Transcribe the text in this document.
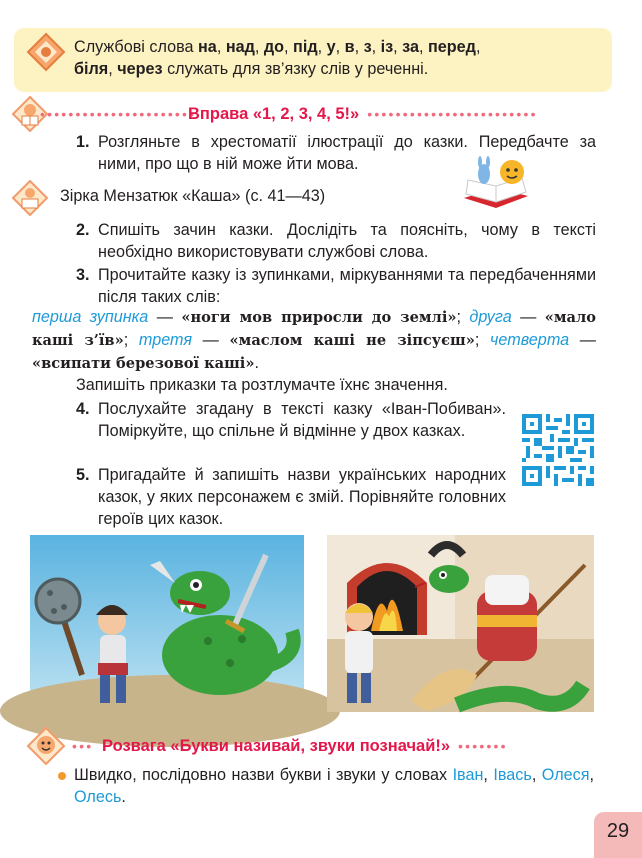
Службові слова на, над, до, під, у, в, з, із, за, перед,
біля, через служать для зв’язку слів у реченні.
••••••••••••••••••••••
Вправа «1, 2, 3, 4, 5!» ••••••••••••••••••••••••
1. Розгляньте в хрестоматії ілюстрації до казки. Передбачте за ними, про що в ній може йти мова.
Зірка Мензатюк «Каша» (с. 41—43)
2. Спишіть зачин казки. Дослідіть та поясніть, чому в тексті необхідно використовувати службові слова.
3. Прочитайте казку із зупинками, міркуваннями та передбаченнями після таких слів:
перша зупинка — «ноги мов приросли до землі»; друга — «мало каші з’їв»; третя — «маслом каші не зіпсуєш»; четверта — «всипати березової каші».
Запишіть приказки та розтлумачте їхнє значення.
4. Послухайте згадану в тексті казку «Іван-Побиван». Поміркуйте, що спільне й відмінне у двох казках.
5. Пригадайте й запишіть назви українських народних казок, у яких персонажем є змій. Порівняйте головних героїв цих казок.
••• Розвага «Букви називай, звуки позначай!» •••••••
Швидко, послідовно назви букви і звуки у словах Іван, Івась, Олеся, Олесь.
29
